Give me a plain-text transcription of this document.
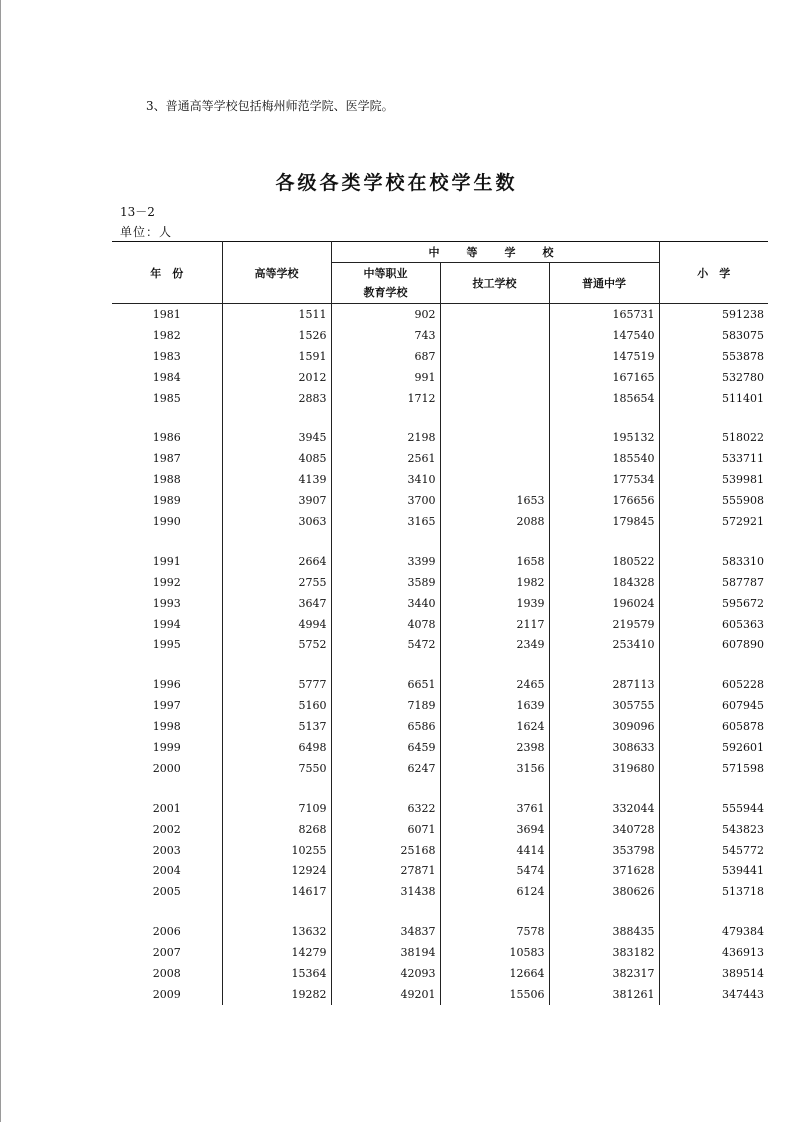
3、普通高等学校包括梅州师范学院、医学院。
各级各类学校在校学生数
13－2
单位：人
年　份	高等学校	中　等　学　校			小　学
		中等职业
教育学校	技工学校	普通中学	
1981	1511	902		165731	591238
1982	1526	743		147540	583075
1983	1591	687		147519	553878
1984	2012	991		167165	532780
1985	2883	1712		185654	511401

1986	3945	2198		195132	518022
1987	4085	2561		185540	533711
1988	4139	3410		177534	539981
1989	3907	3700	1653	176656	555908
1990	3063	3165	2088	179845	572921

1991	2664	3399	1658	180522	583310
1992	2755	3589	1982	184328	587787
1993	3647	3440	1939	196024	595672
1994	4994	4078	2117	219579	605363
1995	5752	5472	2349	253410	607890

1996	5777	6651	2465	287113	605228
1997	5160	7189	1639	305755	607945
1998	5137	6586	1624	309096	605878
1999	6498	6459	2398	308633	592601
2000	7550	6247	3156	319680	571598

2001	7109	6322	3761	332044	555944
2002	8268	6071	3694	340728	543823
2003	10255	25168	4414	353798	545772
2004	12924	27871	5474	371628	539441
2005	14617	31438	6124	380626	513718

2006	13632	34837	7578	388435	479384
2007	14279	38194	10583	383182	436913
2008	15364	42093	12664	382317	389514
2009	19282	49201	15506	381261	347443
